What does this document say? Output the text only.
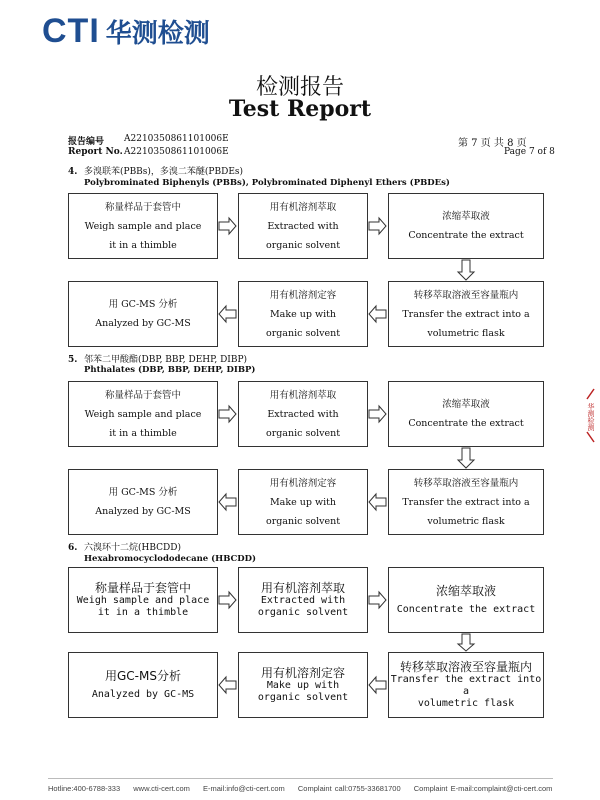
CTI 华测检测
检测报告
Test Report
报告编号 A2210350861101006E
Report No. A2210350861101006E
第 7 页 共 8 页
Page 7 of 8
4. 多溴联苯(PBBs)，多溴二苯醚(PBDEs)
Polybrominated Biphenyls (PBBs), Polybrominated Diphenyl Ethers (PBDEs)
5. 邻苯二甲酸酯(DBP, BBP, DEHP, DIBP)
Phthalates (DBP, BBP, DEHP, DIBP)
6. 六溴环十二烷(HBCDD)
Hexabromocyclododecane (HBCDD)
称量样品于套管中
Weigh sample and place
it in a thimble
用有机溶剂萃取
Extracted with
organic solvent
浓缩萃取液
Concentrate the extract
转移萃取溶液至容量瓶内
Transfer the extract into a
volumetric flask
用有机溶剂定容
Make up with
organic solvent
用 GC-MS 分析
Analyzed by GC-MS
称量样品于套管中
Weigh sample and place
it in a thimble
用有机溶剂萃取
Extracted with
organic solvent
浓缩萃取液
Concentrate the extract
转移萃取溶液至容量瓶内
Transfer the extract into a
volumetric flask
用有机溶剂定容
Make up with
organic solvent
用 GC-MS 分析
Analyzed by GC-MS
称量样品于套管中
Weigh sample and place
it in a thimble
用有机溶剂萃取
Extracted with
organic solvent
浓缩萃取液
Concentrate the extract
转移萃取溶液至容量瓶内
Transfer the extract into a
volumetric flask
用有机溶剂定容
Make up with
organic solvent
用GC-MS分析
Analyzed by GC-MS
华测检测
Hotline:400-6788-333 www.cti-cert.com E-mail:info@cti-cert.com Complaint call:0755-33681700 Complaint E-mail:complaint@cti-cert.com
